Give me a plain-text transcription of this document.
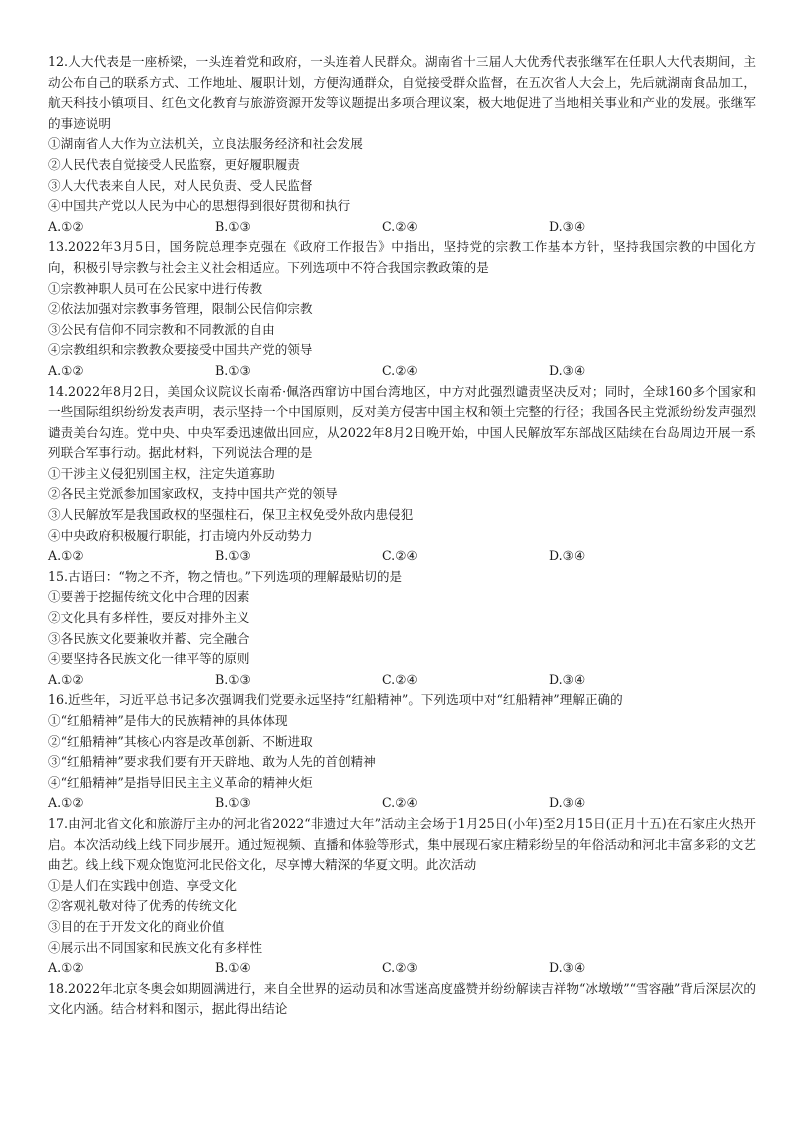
12.人大代表是一座桥梁，一头连着党和政府，一头连着人民群众。湖南省十三届人大优秀代表张继军在任职人大代表期间，主动公布自己的联系方式、工作地址、履职计划，方便沟通群众，自觉接受群众监督，在五次省人大会上，先后就湖南食品加工，航天科技小镇项目、红色文化教育与旅游资源开发等议题提出多项合理议案，极大地促进了当地相关事业和产业的发展。张继军的事迹说明

①湖南省人大作为立法机关，立良法服务经济和社会发展

②人民代表自觉接受人民监察，更好履职履责

③人大代表来自人民，对人民负责、受人民监督

④中国共产党以人民为中心的思想得到很好贯彻和执行

A.①②	B.①③	C.②④	D.③④

13.2022年3月5日，国务院总理李克强在《政府工作报告》中指出，坚持党的宗教工作基本方针，坚持我国宗教的中国化方向，积极引导宗教与社会主义社会相适应。下列选项中不符合我国宗教政策的是

①宗教神职人员可在公民家中进行传教

②依法加强对宗教事务管理，限制公民信仰宗教

③公民有信仰不同宗教和不同教派的自由

④宗教组织和宗教教众要接受中国共产党的领导

A.①②	B.①③	C.②④	D.③④

14.2022年8月2日，美国众议院议长南希·佩洛西窜访中国台湾地区，中方对此强烈谴责坚决反对；同时，全球160多个国家和一些国际组织纷纷发表声明，表示坚持一个中国原则，反对美方侵害中国主权和领土完整的行径；我国各民主党派纷纷发声强烈谴责美台勾连。党中央、中央军委迅速做出回应，从2022年8月2日晚开始，中国人民解放军东部战区陆续在台岛周边开展一系列联合军事行动。据此材料，下列说法合理的是

①干涉主义侵犯别国主权，注定失道寡助

②各民主党派参加国家政权，支持中国共产党的领导

③人民解放军是我国政权的坚强柱石，保卫主权免受外敌内患侵犯

④中央政府积极履行职能，打击境内外反动势力

A.①②	B.①③	C.②④	D.③④

15.古语曰：“物之不齐，物之情也。”下列选项的理解最贴切的是

①要善于挖掘传统文化中合理的因素

②文化具有多样性，要反对排外主义

③各民族文化要兼收并蓄、完全融合

④要坚持各民族文化一律平等的原则

A.①②	B.①③	C.②④	D.③④

16.近些年，习近平总书记多次强调我们党要永远坚持“红船精神”。下列选项中对“红船精神”理解正确的

①“红船精神”是伟大的民族精神的具体体现

②“红船精神”其核心内容是改革创新、不断进取

③“红船精神”要求我们要有开天辟地、敢为人先的首创精神

④“红船精神”是指导旧民主主义革命的精神火炬

A.①②	B.①③	C.②④	D.③④

17.由河北省文化和旅游厅主办的河北省2022“非遗过大年”活动主会场于1月25日(小年)至2月15日(正月十五)在石家庄火热开启。本次活动线上线下同步展开。通过短视频、直播和体验等形式，集中展现石家庄精彩纷呈的年俗活动和河北丰富多彩的文艺曲艺。线上线下观众饱览河北民俗文化，尽享博大精深的华夏文明。此次活动

①是人们在实践中创造、享受文化

②客观礼敬对待了优秀的传统文化

③目的在于开发文化的商业价值

④展示出不同国家和民族文化有多样性

A.①②	B.①④	C.②③	D.③④

18.2022年北京冬奥会如期圆满进行，来自全世界的运动员和冰雪迷高度盛赞并纷纷解读吉祥物“冰墩墩”“雪容融”背后深层次的文化内涵。结合材料和图示，据此得出结论
